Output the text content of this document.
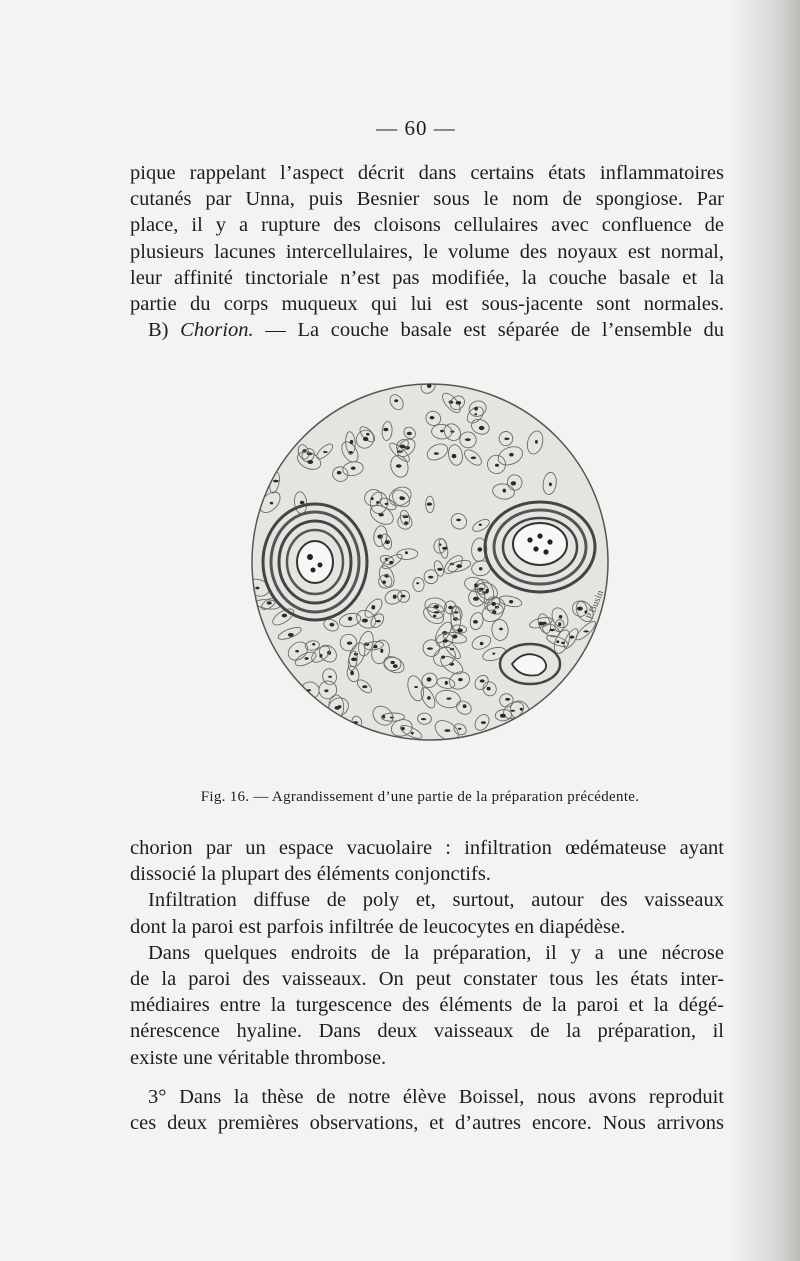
— 60 —
pique rappelant l’aspect décrit dans certains états inflammatoires
cutanés par Unna, puis Besnier sous le nom de spongiose. Par
place, il y a rupture des cloisons cellulaires avec confluence de
plusieurs lacunes intercellulaires, le volume des noyaux est normal,
leur affinité tinctoriale n’est pas modifiée, la couche basale et la
partie du corps muqueux qui lui est sous-jacente sont normales.
B) Chorion. — La couche basale est séparée de l’ensemble du
P.Busin
Fig. 16. — Agrandissement d’une partie de la préparation précédente.
chorion par un espace vacuolaire : infiltration œdémateuse ayant
dissocié la plupart des éléments conjonctifs.
Infiltration diffuse de poly et, surtout, autour des vaisseaux
dont la paroi est parfois infiltrée de leucocytes en diapédèse.
Dans quelques endroits de la préparation, il y a une nécrose
de la paroi des vaisseaux. On peut constater tous les états inter-
médiaires entre la turgescence des éléments de la paroi et la dégé-
nérescence hyaline. Dans deux vaisseaux de la préparation, il
existe une véritable thrombose.
3° Dans la thèse de notre élève Boissel, nous avons reproduit
ces deux premières observations, et d’autres encore. Nous arrivons
